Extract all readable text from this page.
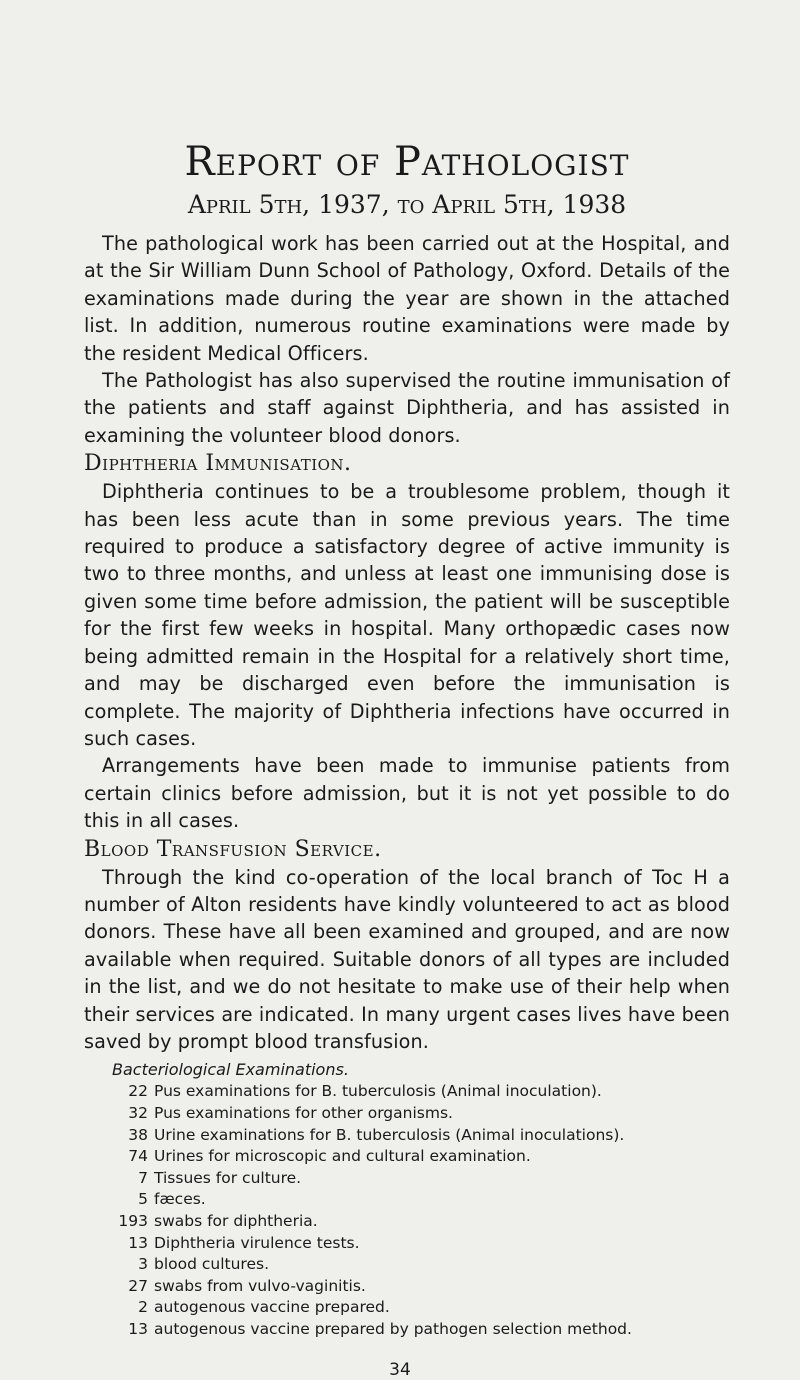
Report of Pathologist
April 5th, 1937, to April 5th, 1938

The pathological work has been carried out at the Hospital, and at the Sir William Dunn School of Pathology, Oxford. Details of the examinations made during the year are shown in the attached list. In addition, numerous routine examinations were made by the resident Medical Officers.

The Pathologist has also supervised the routine immunisation of the patients and staff against Diphtheria, and has assisted in examining the volunteer blood donors.

Diphtheria Immunisation.

Diphtheria continues to be a troublesome problem, though it has been less acute than in some previous years. The time required to produce a satisfactory degree of active immunity is two to three months, and unless at least one immunising dose is given some time before admission, the patient will be susceptible for the first few weeks in hospital. Many orthopædic cases now being admitted remain in the Hospital for a relatively short time, and may be discharged even before the immunisation is complete. The majority of Diphtheria infections have occurred in such cases.

Arrangements have been made to immunise patients from certain clinics before admission, but it is not yet possible to do this in all cases.

Blood Transfusion Service.

Through the kind co-operation of the local branch of Toc H a number of Alton residents have kindly volunteered to act as blood donors. These have all been examined and grouped, and are now available when required. Suitable donors of all types are included in the list, and we do not hesitate to make use of their help when their services are indicated. In many urgent cases lives have been saved by prompt blood transfusion.

Bacteriological Examinations.
22 Pus examinations for B. tuberculosis (Animal inoculation).
32 Pus examinations for other organisms.
38 Urine examinations for B. tuberculosis (Animal inoculations).
74 Urines for microscopic and cultural examination.
7 Tissues for culture.
5 fæces.
193 swabs for diphtheria.
13 Diphtheria virulence tests.
3 blood cultures.
27 swabs from vulvo-vaginitis.
2 autogenous vaccine prepared.
13 autogenous vaccine prepared by pathogen selection method.
34
